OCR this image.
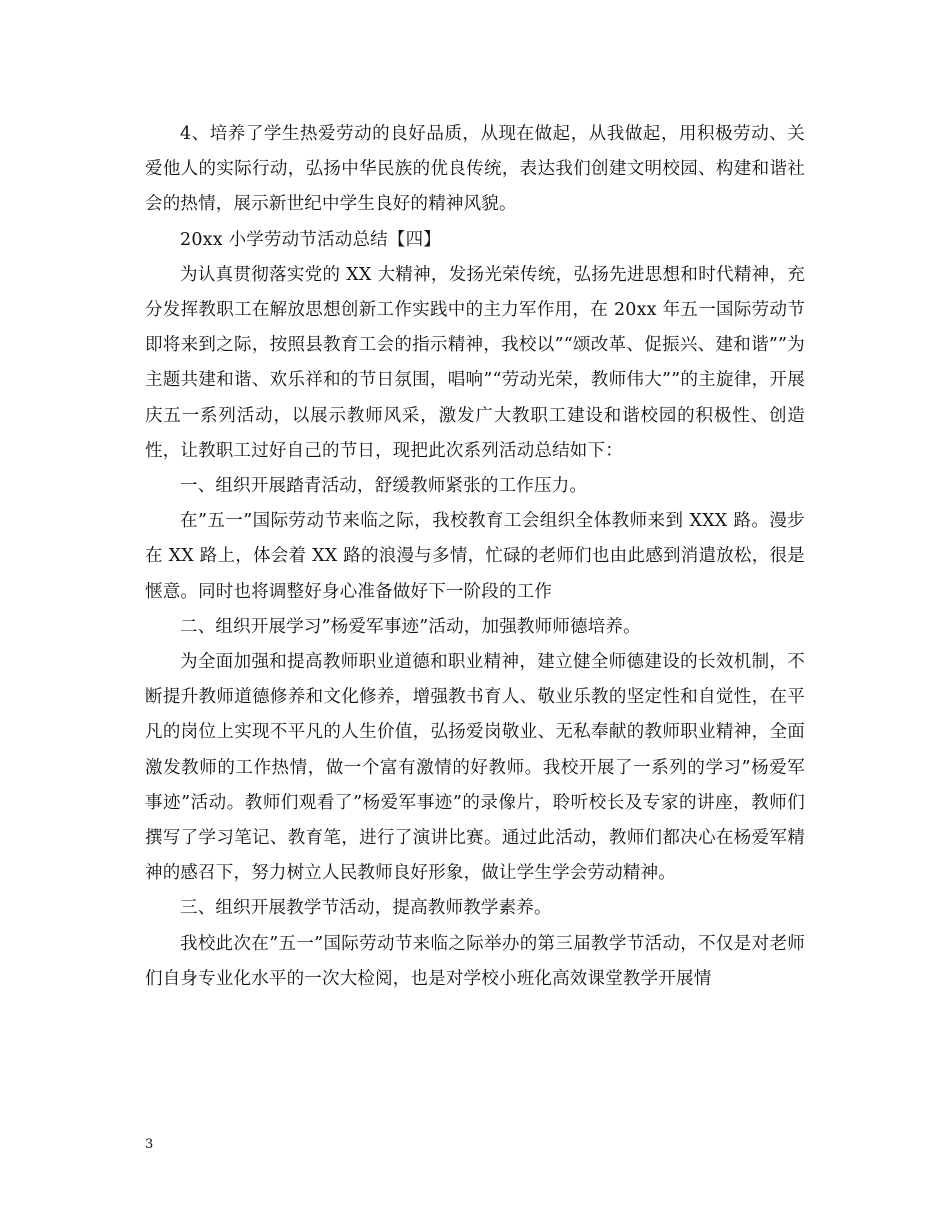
4、培养了学生热爱劳动的良好品质，从现在做起，从我做起，用积极劳动、关爱他人的实际行动，弘扬中华民族的优良传统，表达我们创建文明校园、构建和谐社会的热情，展示新世纪中学生良好的精神风貌。

20xx 小学劳动节活动总结【四】

为认真贯彻落实党的 XX 大精神，发扬光荣传统，弘扬先进思想和时代精神，充分发挥教职工在解放思想创新工作实践中的主力军作用，在 20xx 年五一国际劳动节即将来到之际，按照县教育工会的指示精神，我校以”“颂改革、促振兴、建和谐””为主题共建和谐、欢乐祥和的节日氛围，唱响”“劳动光荣，教师伟大””的主旋律，开展庆五一系列活动，以展示教师风采，激发广大教职工建设和谐校园的积极性、创造性，让教职工过好自己的节日，现把此次系列活动总结如下：

一、组织开展踏青活动，舒缓教师紧张的工作压力。

在”五一”国际劳动节来临之际，我校教育工会组织全体教师来到 XXX 路。漫步在 XX 路上，体会着 XX 路的浪漫与多情，忙碌的老师们也由此感到消遣放松，很是惬意。同时也将调整好身心准备做好下一阶段的工作

二、组织开展学习”杨爱军事迹”活动，加强教师师德培养。

为全面加强和提高教师职业道德和职业精神，建立健全师德建设的长效机制，不断提升教师道德修养和文化修养，增强教书育人、敬业乐教的坚定性和自觉性，在平凡的岗位上实现不平凡的人生价值，弘扬爱岗敬业、无私奉献的教师职业精神，全面激发教师的工作热情，做一个富有激情的好教师。我校开展了一系列的学习”杨爱军事迹”活动。教师们观看了”杨爱军事迹”的录像片，聆听校长及专家的讲座，教师们撰写了学习笔记、教育笔，进行了演讲比赛。通过此活动，教师们都决心在杨爱军精神的感召下，努力树立人民教师良好形象，做让学生学会劳动精神。

三、组织开展教学节活动，提高教师教学素养。

我校此次在”五一”国际劳动节来临之际举办的第三届教学节活动，不仅是对老师们自身专业化水平的一次大检阅，也是对学校小班化高效课堂教学开展情

3
